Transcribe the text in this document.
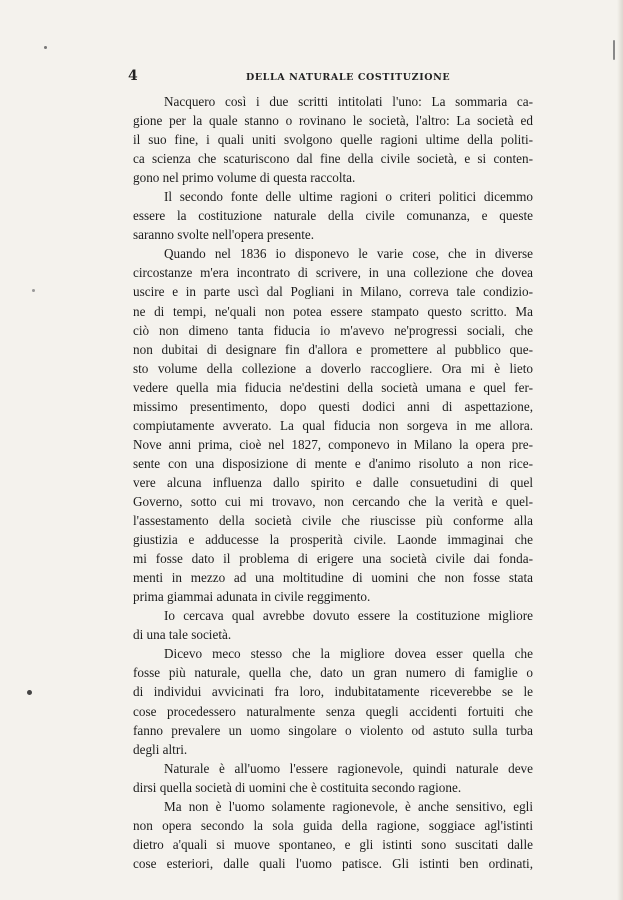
4	DELLA NATURALE COSTITUZIONE
Nacquero così i due scritti intitolati l'uno: La sommaria ca-
gione per la quale stanno o rovinano le società, l'altro: La società ed
il suo fine, i quali uniti svolgono quelle ragioni ultime della politi-
ca scienza che scaturiscono dal fine della civile società, e si conten-
gono nel primo volume di questa raccolta.
Il secondo fonte delle ultime ragioni o criteri politici dicemmo
essere la costituzione naturale della civile comunanza, e queste
saranno svolte nell'opera presente.
Quando nel 1836 io disponevo le varie cose, che in diverse
circostanze m'era incontrato di scrivere, in una collezione che dovea
uscire e in parte uscì dal Pogliani in Milano, correva tale condizio-
ne di tempi, ne'quali non potea essere stampato questo scritto. Ma
ciò non dimeno tanta fiducia io m'avevo ne'progressi sociali, che
non dubitai di designare fin d'allora e promettere al pubblico que-
sto volume della collezione a doverlo raccogliere. Ora mi è lieto
vedere quella mia fiducia ne'destini della società umana e quel fer-
missimo presentimento, dopo questi dodici anni di aspettazione,
compiutamente avverato. La qual fiducia non sorgeva in me allora.
Nove anni prima, cioè nel 1827, componevo in Milano la opera pre-
sente con una disposizione di mente e d'animo risoluto a non rice-
vere alcuna influenza dallo spirito e dalle consuetudini di quel
Governo, sotto cui mi trovavo, non cercando che la verità e quel-
l'assestamento della società civile che riuscisse più conforme alla
giustizia e adducesse la prosperità civile. Laonde immaginai che
mi fosse dato il problema di erigere una società civile dai fonda-
menti in mezzo ad una moltitudine di uomini che non fosse stata
prima giammai adunata in civile reggimento.
Io cercava qual avrebbe dovuto essere la costituzione migliore
di una tale società.
Dicevo meco stesso che la migliore dovea esser quella che
fosse più naturale, quella che, dato un gran numero di famiglie o
di individui avvicinati fra loro, indubitatamente riceverebbe se le
cose procedessero naturalmente senza quegli accidenti fortuiti che
fanno prevalere un uomo singolare o violento od astuto sulla turba
degli altri.
Naturale è all'uomo l'essere ragionevole, quindi naturale deve
dirsi quella società di uomini che è costituita secondo ragione.
Ma non è l'uomo solamente ragionevole, è anche sensitivo, egli
non opera secondo la sola guida della ragione, soggiace agl'istinti
dietro a'quali si muove spontaneo, e gli istinti sono suscitati dalle
cose esteriori, dalle quali l'uomo patisce. Gli istinti ben ordinati,
